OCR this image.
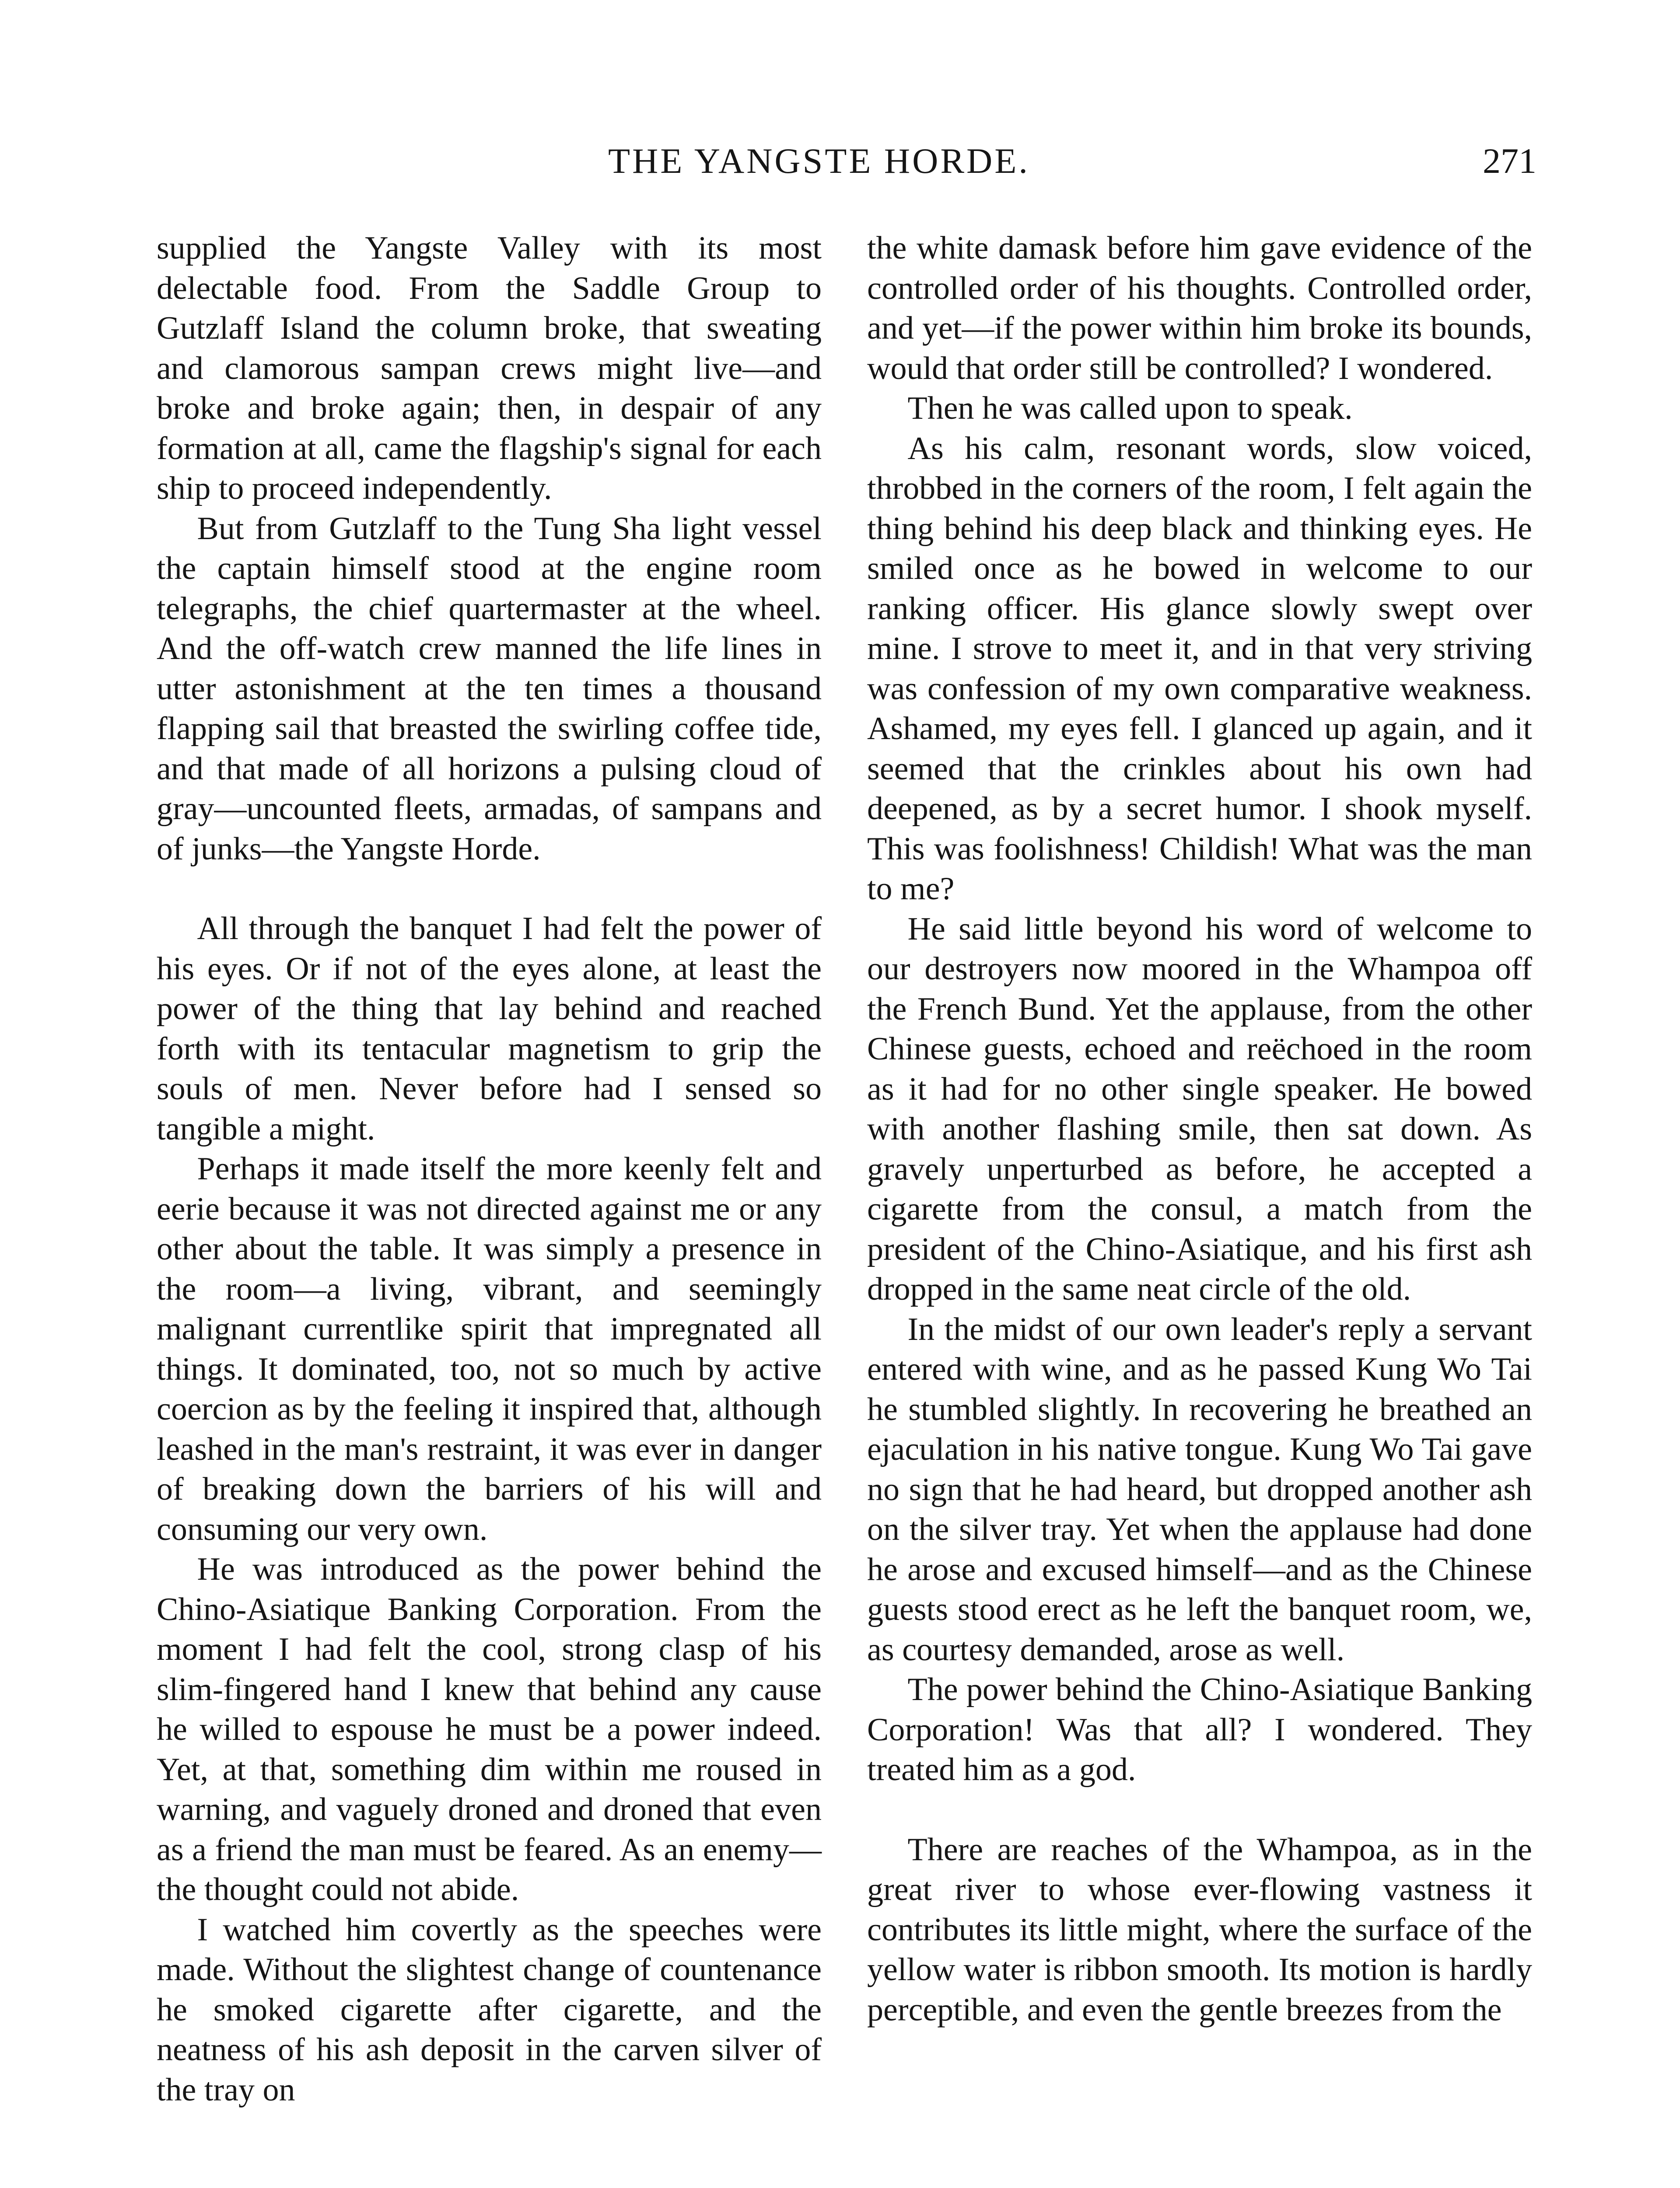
THE YANGSTE HORDE.	271

supplied the Yangste Valley with its most delectable food. From the Saddle Group to Gutzlaff Island the column broke, that sweating and clamorous sampan crews might live—and broke and broke again; then, in despair of any formation at all, came the flagship's signal for each ship to proceed independently.

But from Gutzlaff to the Tung Sha light vessel the captain himself stood at the engine room telegraphs, the chief quartermaster at the wheel. And the off-watch crew manned the life lines in utter astonishment at the ten times a thousand flapping sail that breasted the swirling coffee tide, and that made of all horizons a pulsing cloud of gray—uncounted fleets, armadas, of sampans and of junks—the Yangste Horde.

All through the banquet I had felt the power of his eyes. Or if not of the eyes alone, at least the power of the thing that lay behind and reached forth with its tentacular magnetism to grip the souls of men. Never before had I sensed so tangible a might.

Perhaps it made itself the more keenly felt and eerie because it was not directed against me or any other about the table. It was simply a presence in the room—a living, vibrant, and seemingly malignant currentlike spirit that impregnated all things. It dominated, too, not so much by active coercion as by the feeling it inspired that, although leashed in the man's restraint, it was ever in danger of breaking down the barriers of his will and consuming our very own.

He was introduced as the power behind the Chino-Asiatique Banking Corporation. From the moment I had felt the cool, strong clasp of his slim-fingered hand I knew that behind any cause he willed to espouse he must be a power indeed. Yet, at that, something dim within me roused in warning, and vaguely droned and droned that even as a friend the man must be feared. As an enemy—the thought could not abide.

I watched him covertly as the speeches were made. Without the slightest change of countenance he smoked cigarette after cigarette, and the neatness of his ash deposit in the carven silver of the tray on

the white damask before him gave evidence of the controlled order of his thoughts. Controlled order, and yet—if the power within him broke its bounds, would that order still be controlled? I wondered.

Then he was called upon to speak.

As his calm, resonant words, slow voiced, throbbed in the corners of the room, I felt again the thing behind his deep black and thinking eyes. He smiled once as he bowed in welcome to our ranking officer. His glance slowly swept over mine. I strove to meet it, and in that very striving was confession of my own comparative weakness. Ashamed, my eyes fell. I glanced up again, and it seemed that the crinkles about his own had deepened, as by a secret humor. I shook myself. This was foolishness! Childish! What was the man to me?

He said little beyond his word of welcome to our destroyers now moored in the Whampoa off the French Bund. Yet the applause, from the other Chinese guests, echoed and reëchoed in the room as it had for no other single speaker. He bowed with another flashing smile, then sat down. As gravely unperturbed as before, he accepted a cigarette from the consul, a match from the president of the Chino-Asiatique, and his first ash dropped in the same neat circle of the old.

In the midst of our own leader's reply a servant entered with wine, and as he passed Kung Wo Tai he stumbled slightly. In recovering he breathed an ejaculation in his native tongue. Kung Wo Tai gave no sign that he had heard, but dropped another ash on the silver tray. Yet when the applause had done he arose and excused himself—and as the Chinese guests stood erect as he left the banquet room, we, as courtesy demanded, arose as well.

The power behind the Chino-Asiatique Banking Corporation! Was that all? I wondered. They treated him as a god.

There are reaches of the Whampoa, as in the great river to whose ever-flowing vastness it contributes its little might, where the surface of the yellow water is ribbon smooth. Its motion is hardly perceptible, and even the gentle breezes from the
